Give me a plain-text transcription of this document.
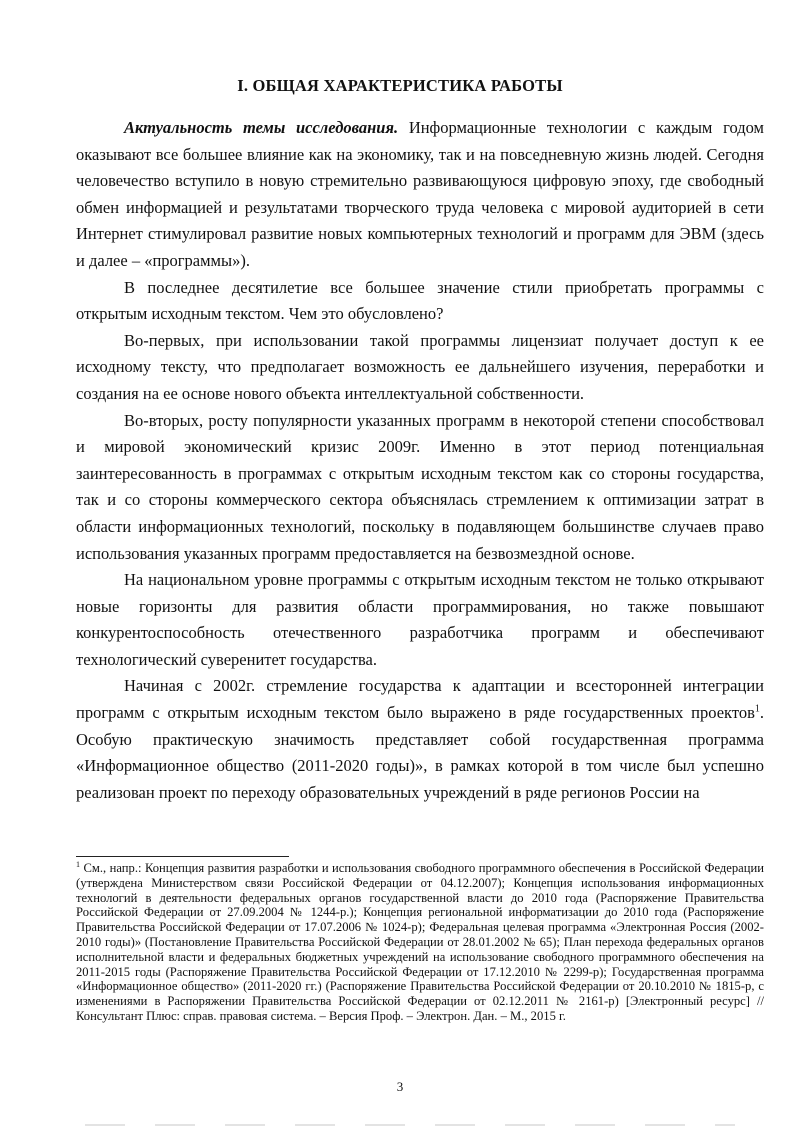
I. ОБЩАЯ ХАРАКТЕРИСТИКА РАБОТЫ

Актуальность темы исследования. Информационные технологии с каждым годом оказывают все большее влияние как на экономику, так и на повседневную жизнь людей. Сегодня человечество вступило в новую стремительно развивающуюся цифровую эпоху, где свободный обмен информацией и результатами творческого труда человека с мировой аудиторией в сети Интернет стимулировал развитие новых компьютерных технологий и программ для ЭВМ (здесь и далее – «программы»).

В последнее десятилетие все большее значение стили приобретать программы с открытым исходным текстом. Чем это обусловлено?

Во-первых, при использовании такой программы лицензиат получает доступ к ее исходному тексту, что предполагает возможность ее дальнейшего изучения, переработки и создания на ее основе нового объекта интеллектуальной собственности.

Во-вторых, росту популярности указанных программ в некоторой степени способствовал и мировой экономический кризис 2009г. Именно в этот период потенциальная заинтересованность в программах с открытым исходным текстом как со стороны государства, так и со стороны коммерческого сектора объяснялась стремлением к оптимизации затрат в области информационных технологий, поскольку в подавляющем большинстве случаев право использования указанных программ предоставляется на безвозмездной основе.

На национальном уровне программы с открытым исходным текстом не только открывают новые горизонты для развития области программирования, но также повышают конкурентоспособность отечественного разработчика программ и обеспечивают технологический суверенитет государства.

Начиная с 2002г. стремление государства к адаптации и всесторонней интеграции программ с открытым исходным текстом было выражено в ряде государственных проектов$^1$. Особую практическую значимость представляет собой государственная программа «Информационное общество (2011-2020 годы)», в рамках которой в том числе был успешно реализован проект по переходу образовательных учреждений в ряде регионов России на

$^1$ См., напр.: Концепция развития разработки и использования свободного программного обеспечения в Российской Федерации (утверждена Министерством связи Российской Федерации от 04.12.2007); Концепция использования информационных технологий в деятельности федеральных органов государственной власти до 2010 года (Распоряжение Правительства Российской Федерации от 27.09.2004 № 1244-р.); Концепция региональной информатизации до 2010 года (Распоряжение Правительства Российской Федерации от 17.07.2006 № 1024-р); Федеральная целевая программа «Электронная Россия (2002-2010 годы)» (Постановление Правительства Российской Федерации от 28.01.2002 № 65); План перехода федеральных органов исполнительной власти и федеральных бюджетных учреждений на использование свободного программного обеспечения на 2011-2015 годы (Распоряжение Правительства Российской Федерации от 17.12.2010 № 2299-р); Государственная программа «Информационное общество» (2011-2020 гг.) (Распоряжение Правительства Российской Федерации от 20.10.2010 № 1815-р, с изменениями в Распоряжении Правительства Российской Федерации от 02.12.2011 № 2161-р) [Электронный ресурс] // Консультант Плюс: справ. правовая система. – Версия Проф. – Электрон. Дан. – М., 2015 г.
3
